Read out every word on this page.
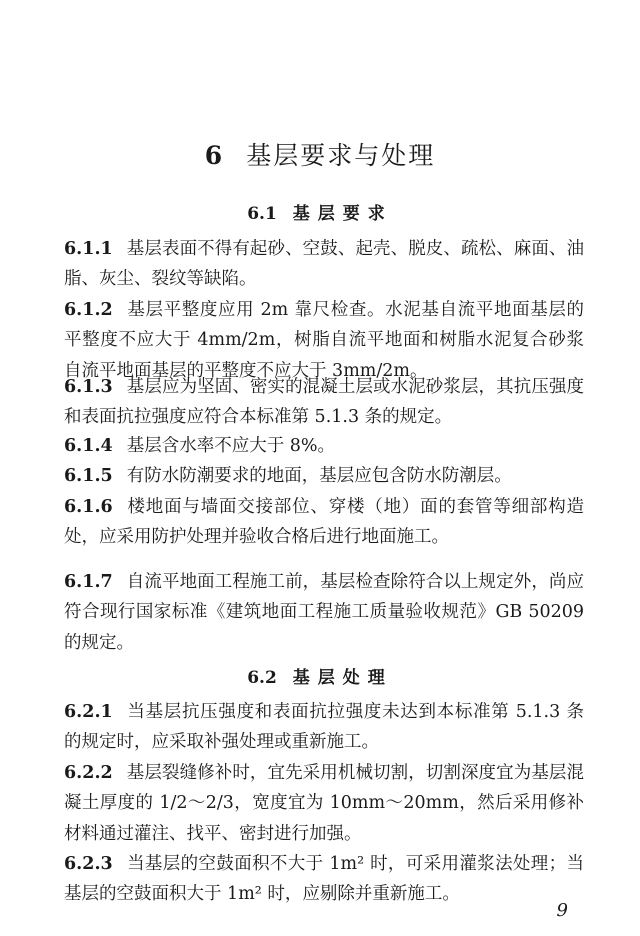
6 基层要求与处理
6.1 基层要求
6.1.1 基层表面不得有起砂、空鼓、起壳、脱皮、疏松、麻面、油脂、灰尘、裂纹等缺陷。
6.1.2 基层平整度应用 2m 靠尺检查。水泥基自流平地面基层的平整度不应大于 4mm/2m，树脂自流平地面和树脂水泥复合砂浆自流平地面基层的平整度不应大于 3mm/2m。
6.1.3 基层应为坚固、密实的混凝土层或水泥砂浆层，其抗压强度和表面抗拉强度应符合本标准第 5.1.3 条的规定。
6.1.4 基层含水率不应大于 8%。
6.1.5 有防水防潮要求的地面，基层应包含防水防潮层。
6.1.6 楼地面与墙面交接部位、穿楼（地）面的套管等细部构造处，应采用防护处理并验收合格后进行地面施工。
6.1.7 自流平地面工程施工前，基层检查除符合以上规定外，尚应符合现行国家标准《建筑地面工程施工质量验收规范》GB 50209 的规定。
6.2 基层处理
6.2.1 当基层抗压强度和表面抗拉强度未达到本标准第 5.1.3 条的规定时，应采取补强处理或重新施工。
6.2.2 基层裂缝修补时，宜先采用机械切割，切割深度宜为基层混凝土厚度的 1/2～2/3，宽度宜为 10mm～20mm，然后采用修补材料通过灌注、找平、密封进行加强。
6.2.3 当基层的空鼓面积不大于 1m² 时，可采用灌浆法处理；当基层的空鼓面积大于 1m² 时，应剔除并重新施工。
9
